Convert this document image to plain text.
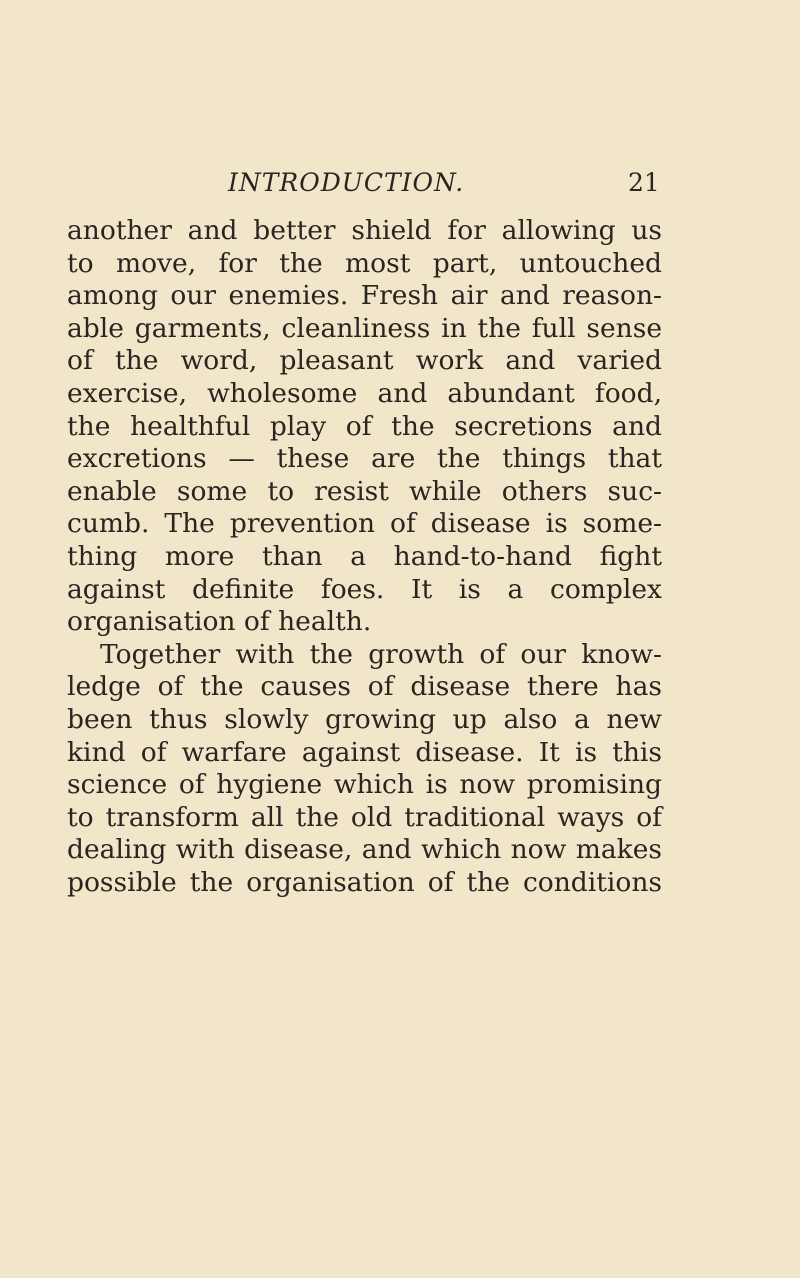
INTRODUCTION.	21
another and better shield for allowing us
to move, for the most part, untouched
among our enemies. Fresh air and reason-
able garments, cleanliness in the full sense
of the word, pleasant work and varied
exercise, wholesome and abundant food,
the healthful play of the secretions and
excretions — these are the things that
enable some to resist while others suc-
cumb. The prevention of disease is some-
thing more than a hand-to-hand fight
against definite foes. It is a complex
organisation of health.
Together with the growth of our know-
ledge of the causes of disease there has
been thus slowly growing up also a new
kind of warfare against disease. It is this
science of hygiene which is now promising
to transform all the old traditional ways of
dealing with disease, and which now makes
possible the organisation of the conditions
